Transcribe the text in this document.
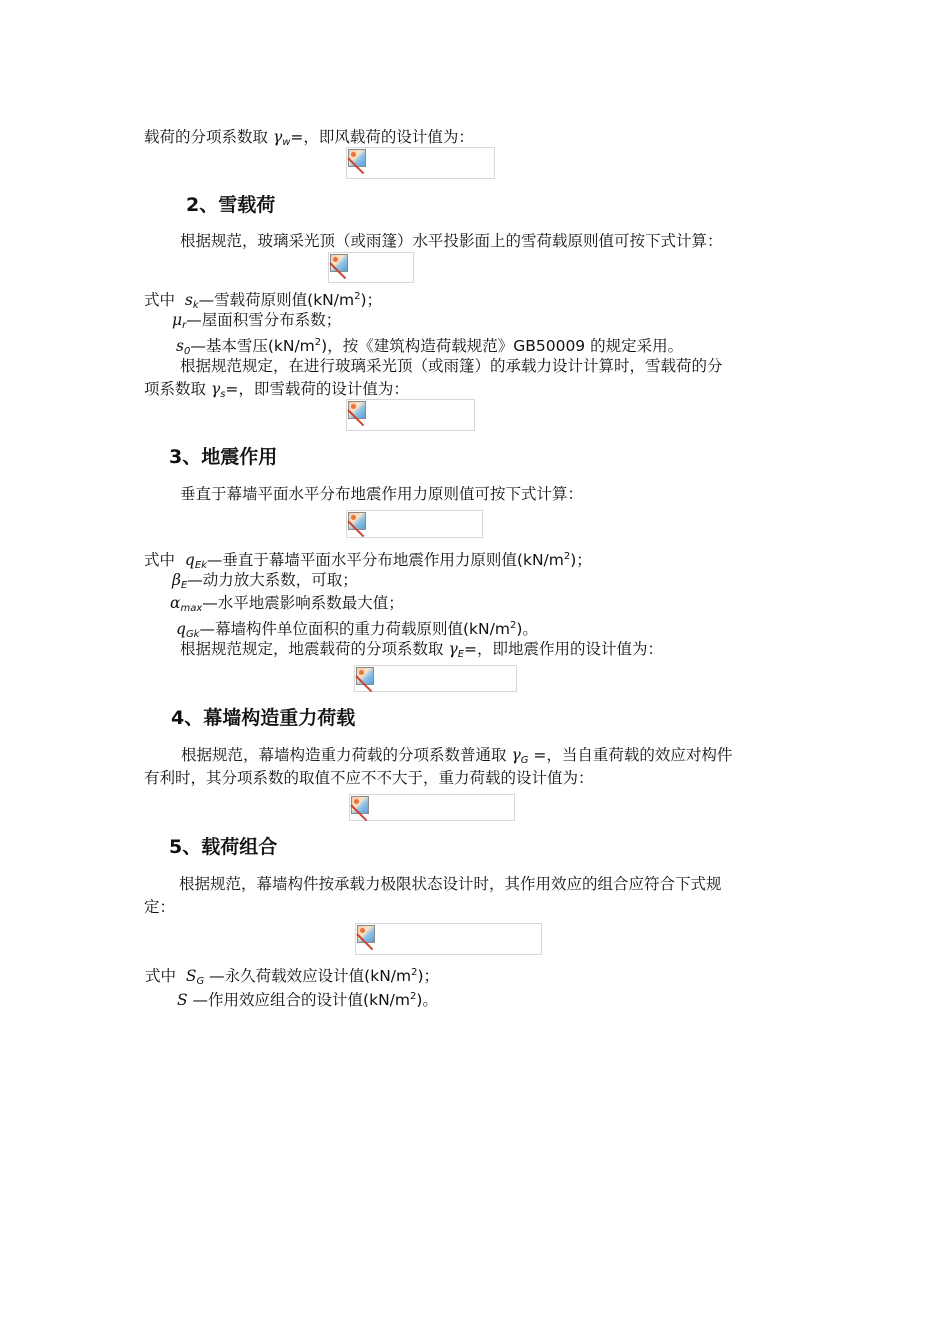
载荷的分项系数取 $\gamma_w=$，即风载荷的设计值为：
2、雪载荷
根据规范，玻璃采光顶（或雨篷）水平投影面上的雪荷载原则值可按下式计算：
式中 $s_k—$雪载荷原则值$(kN/m^2)$；
$\mu_r—$屋面积雪分布系数；
$s_0—$基本雪压$(kN/m^2)$，按《建筑构造荷载规范》GB50009 的规定采用。
根据规范规定，在进行玻璃采光顶（或雨篷）的承载力设计计算时，雪载荷的分
项系数取 $\gamma_s=$，即雪载荷的设计值为：
3、地震作用
垂直于幕墙平面水平分布地震作用力原则值可按下式计算：
式中 $q_{Ek}—$垂直于幕墙平面水平分布地震作用力原则值$(kN/m^2)$；
$\beta_E—$动力放大系数，可取；
$\alpha_{max}—$水平地震影响系数最大值；
$q_{Gk}—$幕墙构件单位面积的重力荷载原则值$(kN/m^2)$。
根据规范规定，地震载荷的分项系数取 $\gamma_E=$，即地震作用的设计值为：
4、幕墙构造重力荷载
根据规范，幕墙构造重力荷载的分项系数普通取 $\gamma_G$ =，当自重荷载的效应对构件
有利时，其分项系数的取值不应不不大于，重力荷载的设计值为：
5、载荷组合
根据规范，幕墙构件按承载力极限状态设计时，其作用效应的组合应符合下式规
定：
式中 $S_G$ —永久荷载效应设计值$(kN/m^2)$；
S —作用效应组合的设计值$(kN/m^2)$。
